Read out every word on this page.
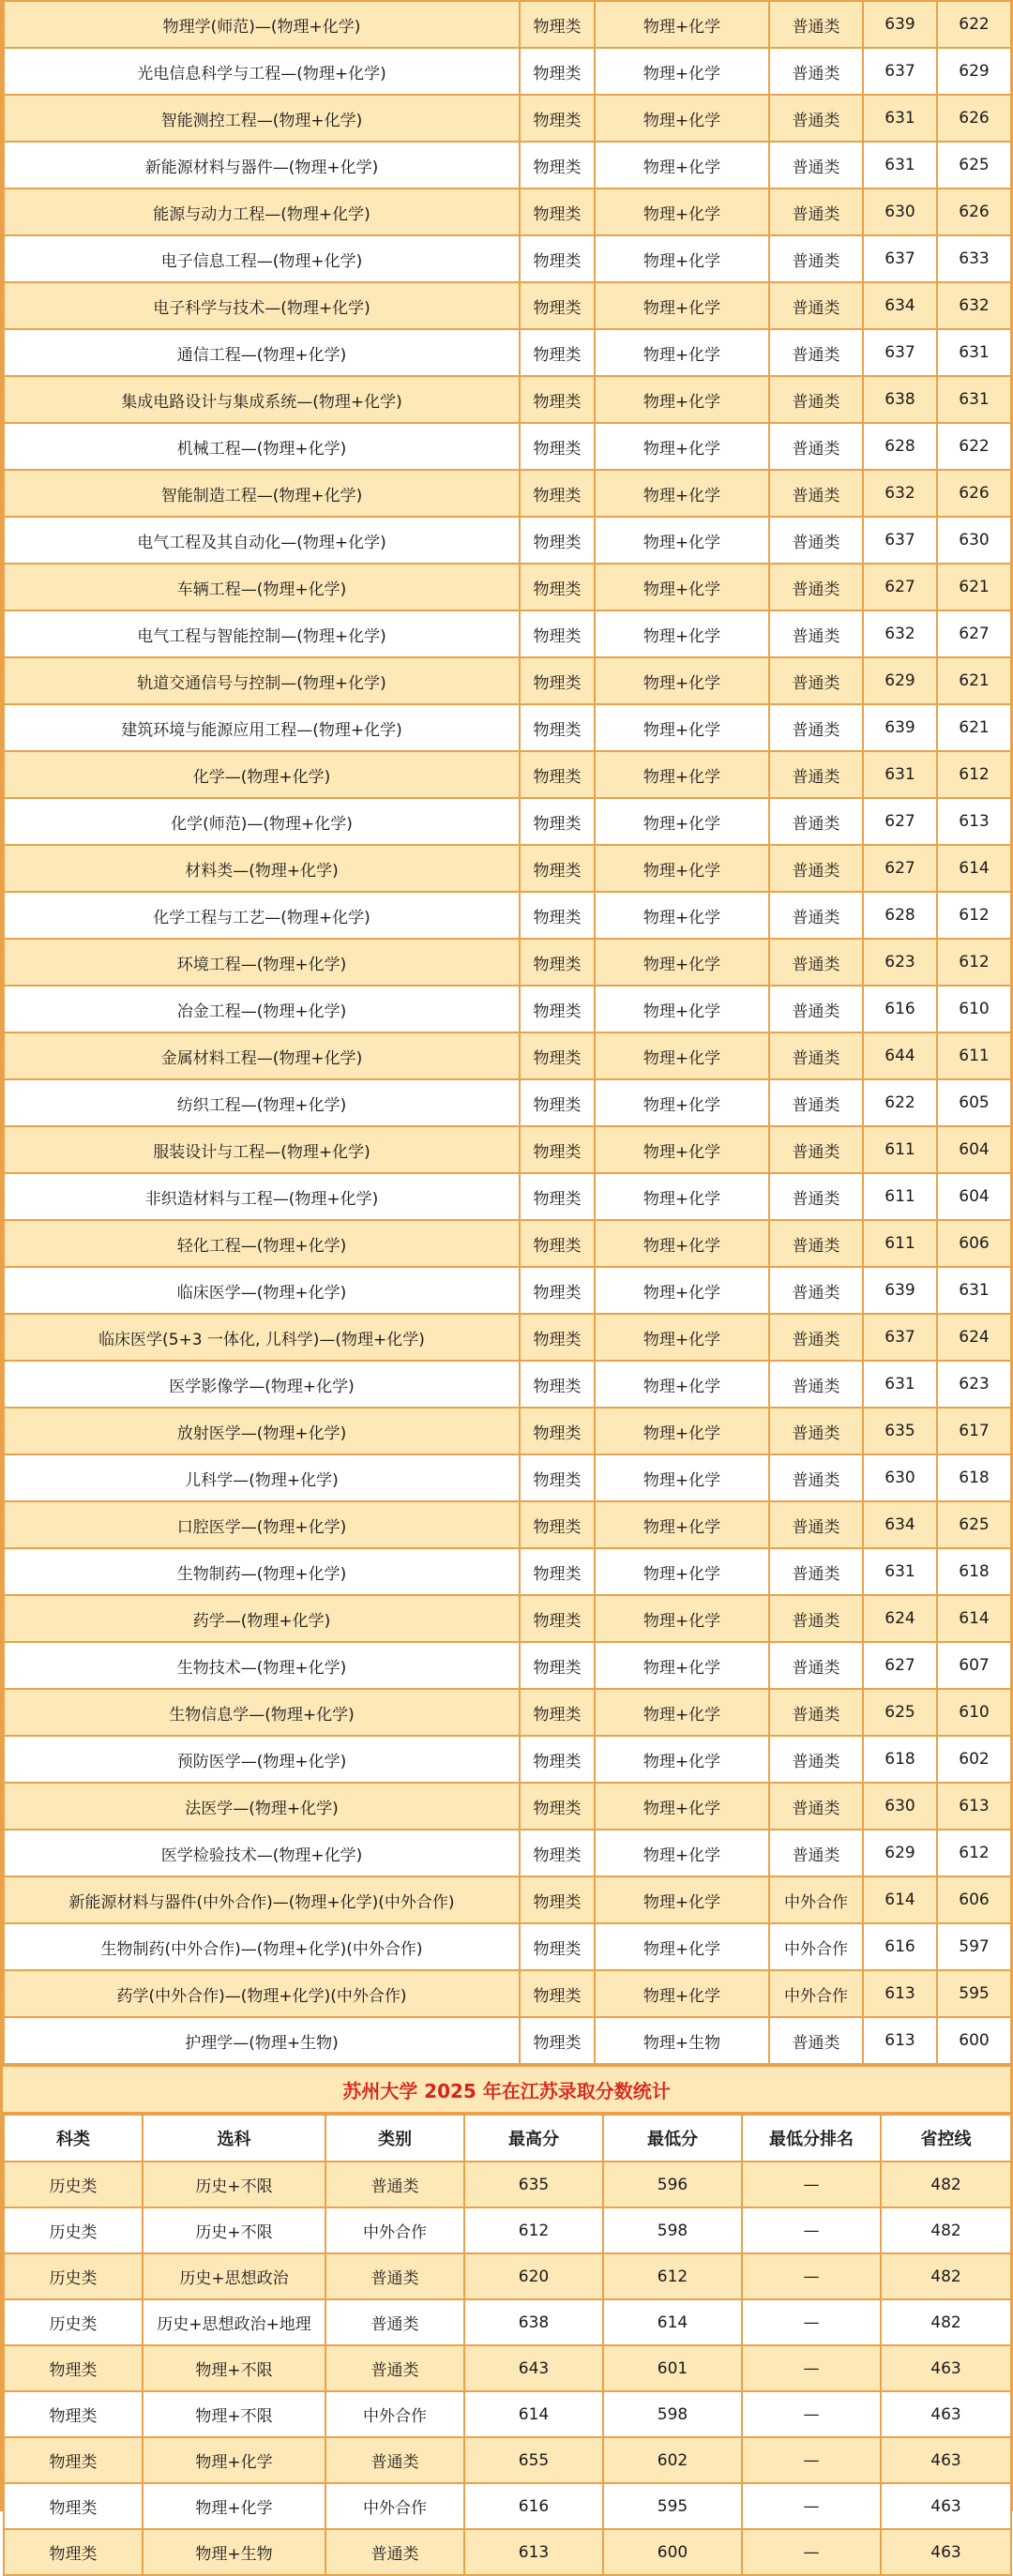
物理学(师范)—(物理+化学)	物理类	物理+化学	普通类	639	622
光电信息科学与工程—(物理+化学)	物理类	物理+化学	普通类	637	629
智能测控工程—(物理+化学)	物理类	物理+化学	普通类	631	626
新能源材料与器件—(物理+化学)	物理类	物理+化学	普通类	631	625
能源与动力工程—(物理+化学)	物理类	物理+化学	普通类	630	626
电子信息工程—(物理+化学)	物理类	物理+化学	普通类	637	633
电子科学与技术—(物理+化学)	物理类	物理+化学	普通类	634	632
通信工程—(物理+化学)	物理类	物理+化学	普通类	637	631
集成电路设计与集成系统—(物理+化学)	物理类	物理+化学	普通类	638	631
机械工程—(物理+化学)	物理类	物理+化学	普通类	628	622
智能制造工程—(物理+化学)	物理类	物理+化学	普通类	632	626
电气工程及其自动化—(物理+化学)	物理类	物理+化学	普通类	637	630
车辆工程—(物理+化学)	物理类	物理+化学	普通类	627	621
电气工程与智能控制—(物理+化学)	物理类	物理+化学	普通类	632	627
轨道交通信号与控制—(物理+化学)	物理类	物理+化学	普通类	629	621
建筑环境与能源应用工程—(物理+化学)	物理类	物理+化学	普通类	639	621
化学—(物理+化学)	物理类	物理+化学	普通类	631	612
化学(师范)—(物理+化学)	物理类	物理+化学	普通类	627	613
材料类—(物理+化学)	物理类	物理+化学	普通类	627	614
化学工程与工艺—(物理+化学)	物理类	物理+化学	普通类	628	612
环境工程—(物理+化学)	物理类	物理+化学	普通类	623	612
冶金工程—(物理+化学)	物理类	物理+化学	普通类	616	610
金属材料工程—(物理+化学)	物理类	物理+化学	普通类	644	611
纺织工程—(物理+化学)	物理类	物理+化学	普通类	622	605
服装设计与工程—(物理+化学)	物理类	物理+化学	普通类	611	604
非织造材料与工程—(物理+化学)	物理类	物理+化学	普通类	611	604
轻化工程—(物理+化学)	物理类	物理+化学	普通类	611	606
临床医学—(物理+化学)	物理类	物理+化学	普通类	639	631
临床医学(5+3 一体化, 儿科学)—(物理+化学)	物理类	物理+化学	普通类	637	624
医学影像学—(物理+化学)	物理类	物理+化学	普通类	631	623
放射医学—(物理+化学)	物理类	物理+化学	普通类	635	617
儿科学—(物理+化学)	物理类	物理+化学	普通类	630	618
口腔医学—(物理+化学)	物理类	物理+化学	普通类	634	625
生物制药—(物理+化学)	物理类	物理+化学	普通类	631	618
药学—(物理+化学)	物理类	物理+化学	普通类	624	614
生物技术—(物理+化学)	物理类	物理+化学	普通类	627	607
生物信息学—(物理+化学)	物理类	物理+化学	普通类	625	610
预防医学—(物理+化学)	物理类	物理+化学	普通类	618	602
法医学—(物理+化学)	物理类	物理+化学	普通类	630	613
医学检验技术—(物理+化学)	物理类	物理+化学	普通类	629	612
新能源材料与器件(中外合作)—(物理+化学)(中外合作)	物理类	物理+化学	中外合作	614	606
生物制药(中外合作)—(物理+化学)(中外合作)	物理类	物理+化学	中外合作	616	597
药学(中外合作)—(物理+化学)(中外合作)	物理类	物理+化学	中外合作	613	595
护理学—(物理+生物)	物理类	物理+生物	普通类	613	600
苏州大学 2025 年在江苏录取分数统计
科类	选科	类别	最高分	最低分	最低分排名	省控线
历史类	历史+不限	普通类	635	596	—	482
历史类	历史+不限	中外合作	612	598	—	482
历史类	历史+思想政治	普通类	620	612	—	482
历史类	历史+思想政治+地理	普通类	638	614	—	482
物理类	物理+不限	普通类	643	601	—	463
物理类	物理+不限	中外合作	614	598	—	463
物理类	物理+化学	普通类	655	602	—	463
物理类	物理+化学	中外合作	616	595	—	463
物理类	物理+生物	普通类	613	600	—	463
